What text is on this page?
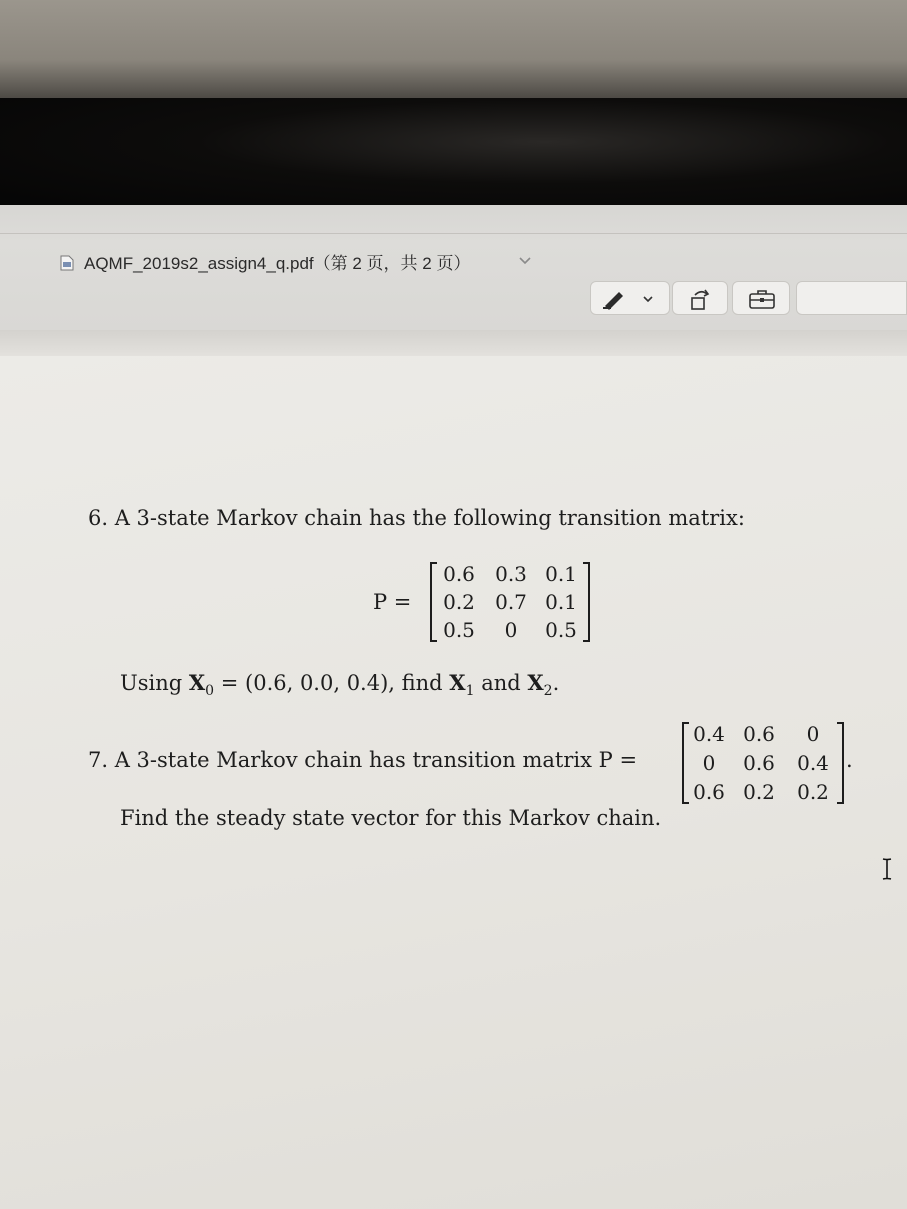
AQMF_2019s2_assign4_q.pdf（第 2 页，共 2 页）
6. A 3-state Markov chain has the following transition matrix:
P =
0.6	0.3 0.1
0.2	0.7 0.1
0.5	0	0.5
Using $X_0 = (0.6$, 0.0, 0.4), find $X_1$ and $X_2$.
7. A 3-state Markov chain has transition matrix P =
0.4 0.6	0
0	0.6	0.4
0.6 0.2	0.2
.
Find the steady state vector for this Markov chain.
